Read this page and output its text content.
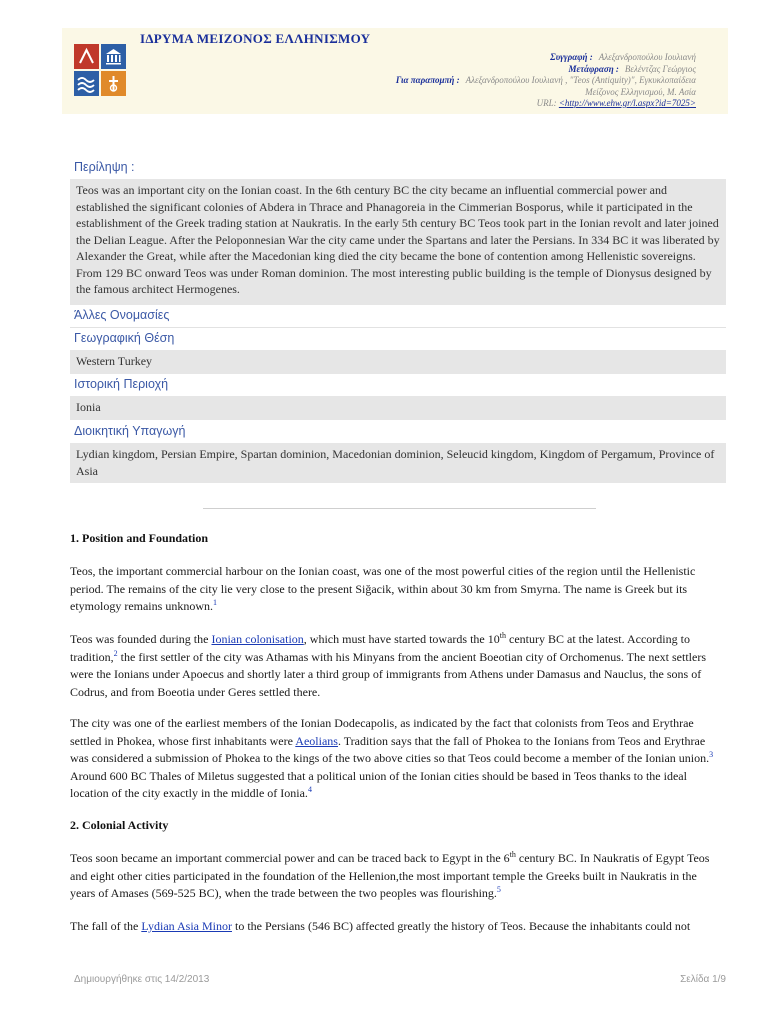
ΙΔΡΥΜΑ ΜΕΙΖΟΝΟΣ ΕΛΛΗΝΙΣΜΟΥ
Συγγραφή : Αλεξανδροπούλου Ιουλιανή
Μετάφραση : Βελέντζας Γεώργιος
Για παραπομπή : Αλεξανδροπούλου Ιουλιανή , "Teos (Antiquity)", Εγκυκλοπαίδεια
Μείζονος Ελληνισμού, Μ. Ασία
URL: <http://www.ehw.gr/l.aspx?id=7025>
Περίληψη :
Teos was an important city on the Ionian coast. In the 6th century BC the city became an influential commercial power and established the significant colonies of Abdera in Thrace and Phanagoreia in the Cimmerian Bosporus, while it participated in the establishment of the Greek trading station at Naukratis. In the early 5th century BC Teos took part in the Ionian revolt and later joined the Delian League. After the Peloponnesian War the city came under the Spartans and later the Persians. In 334 BC it was liberated by Alexander the Great, while after the Macedonian king died the city became the bone of contention among Hellenistic sovereigns. From 129 BC onward Teos was under Roman dominion. The most interesting public building is the temple of Dionysus designed by the famous architect Hermogenes.
Άλλες Ονομασίες
Γεωγραφική Θέση
Western Turkey
Ιστορική Περιοχή
Ionia
Διοικητική Υπαγωγή
Lydian kingdom, Persian Empire, Spartan dominion, Macedonian dominion, Seleucid kingdom, Kingdom of Pergamum, Province of Asia
1. Position and Foundation
Teos, the important commercial harbour on the Ionian coast, was one of the most powerful cities of the region until the Hellenistic period. The remains of the city lie very close to the present Siğacik, within about 30 km from Smyrna. The name is Greek but its etymology remains unknown.$^1$
Teos was founded during the Ionian colonisation, which must have started towards the 10th century BC at the latest. According to tradition,$^2$ the first settler of the city was Athamas with his Minyans from the ancient Boeotian city of Orchomenus. The next settlers were the Ionians under Apoecus and shortly later a third group of immigrants from Athens under Damasus and Nauclus, the sons of Codrus, and from Boeotia under Geres settled there.
The city was one of the earliest members of the Ionian Dodecapolis, as indicated by the fact that colonists from Teos and Erythrae settled in Phokea, whose first inhabitants were Aeolians. Tradition says that the fall of Phokea to the Ionians from Teos and Erythrae was considered a submission of Phokea to the kings of the two above cities so that Teos could become a member of the Ionian union.$^3$ Around 600 BC Thales of Miletus suggested that a political union of the Ionian cities should be based in Teos thanks to the ideal location of the city exactly in the middle of Ionia.$^4$
2. Colonial Activity
Teos soon became an important commercial power and can be traced back to Egypt in the 6th century BC. In Naukratis of Egypt Teos and eight other cities participated in the foundation of the Hellenion,the most important temple the Greeks built in Naukratis in the years of Amases (569-525 BC), when the trade between the two peoples was flourishing.$^5$
The fall of the Lydian Asia Minor to the Persians (546 BC) affected greatly the history of Teos. Because the inhabitants could not
Δημιουργήθηκε στις 14/2/2013	Σελίδα 1/9
